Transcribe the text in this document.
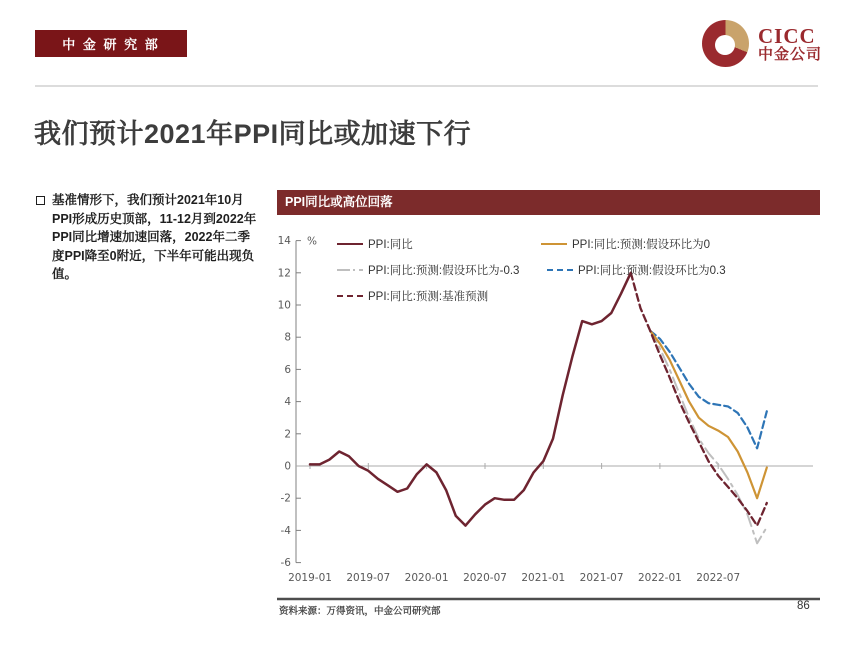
中 金 研 究 部	CICC
中金公司
我们预计2021年PPI同比或加速下行
基准情形下，我们预计2021年10月PPI形成历史顶部，11-12月到2022年PPI同比增速加速回落，2022年二季度PPI降至0附近，下半年可能出现负值。
PPI同比或高位回落
-6
-4
-2
0
2
4
6
8
10
12
14 %
2019-01 2019-07 2020-01 2020-07 2021-01 2021-07 2022-01 2022-07
PPI:同比	PPI:同比:预测:假设环比为0
PPI:同比:预测:假设环比为-0.3	PPI:同比:预测:假设环比为0.3
PPI:同比:预测:基准预测
资料来源：万得资讯，中金公司研究部	86
